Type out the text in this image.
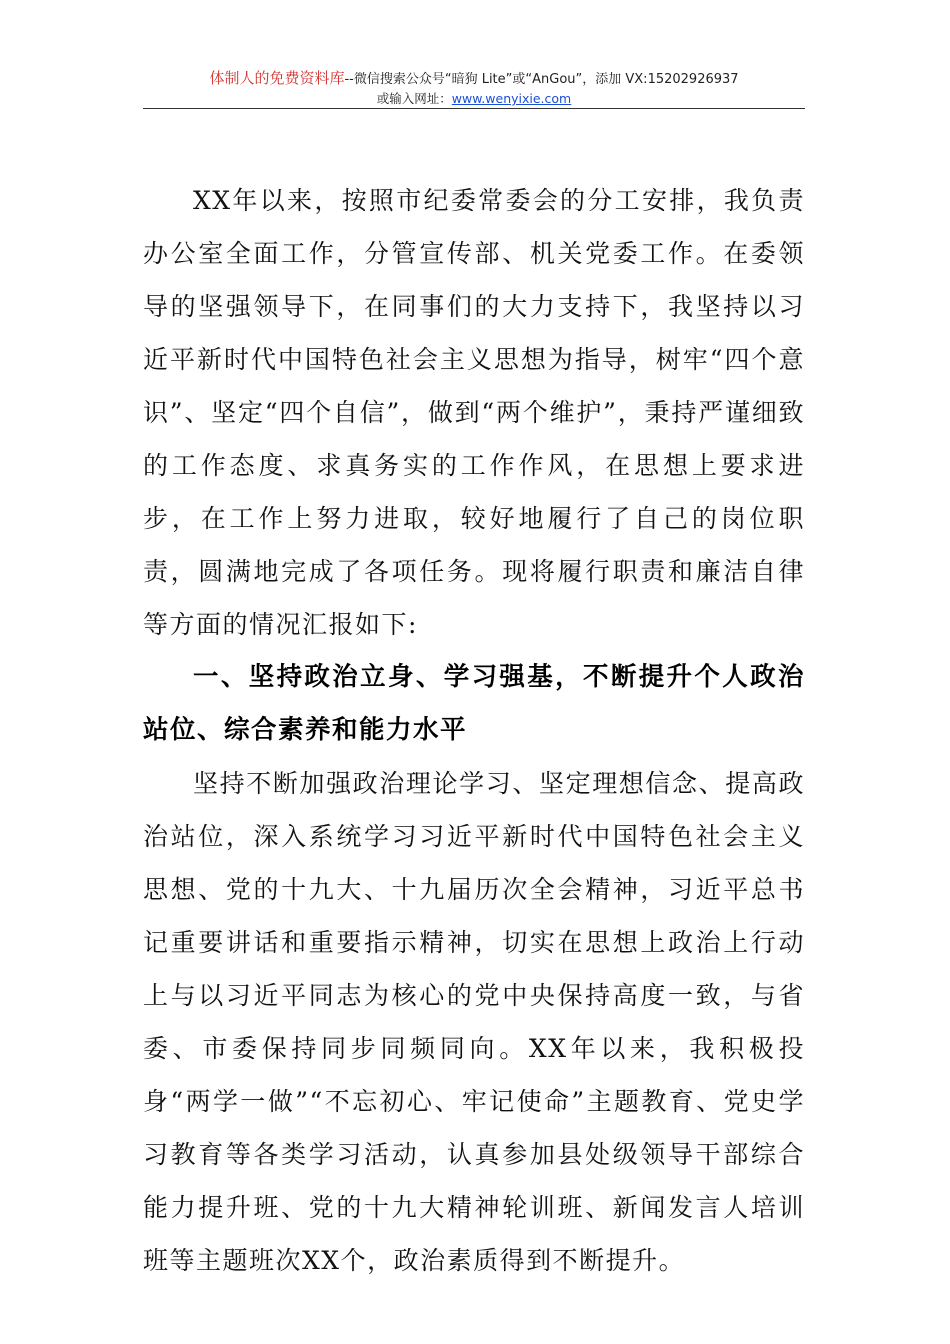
体制人的免费资料库--微信搜索公众号“暗狗 Lite”或“AnGou”，添加 VX:15202926937
或输入网址：www.wenyixie.com

XX年以来，按照市纪委常委会的分工安排，我负责办公室全面工作，分管宣传部、机关党委工作。在委领导的坚强领导下，在同事们的大力支持下，我坚持以习近平新时代中国特色社会主义思想为指导，树牢“四个意识”、坚定“四个自信”，做到“两个维护”，秉持严谨细致的工作态度、求真务实的工作作风，在思想上要求进步，在工作上努力进取，较好地履行了自己的岗位职责，圆满地完成了各项任务。现将履行职责和廉洁自律等方面的情况汇报如下:

一、坚持政治立身、学习强基，不断提升个人政治站位、综合素养和能力水平

坚持不断加强政治理论学习、坚定理想信念、提高政治站位，深入系统学习习近平新时代中国特色社会主义思想、党的十九大、十九届历次全会精神，习近平总书记重要讲话和重要指示精神，切实在思想上政治上行动上与以习近平同志为核心的党中央保持高度一致，与省委、市委保持同步同频同向。XX年以来，我积极投身“两学一做”“不忘初心、牢记使命”主题教育、党史学习教育等各类学习活动，认真参加县处级领导干部综合能力提升班、党的十九大精神轮训班、新闻发言人培训班等主题班次XX个，政治素质得到不断提升。
